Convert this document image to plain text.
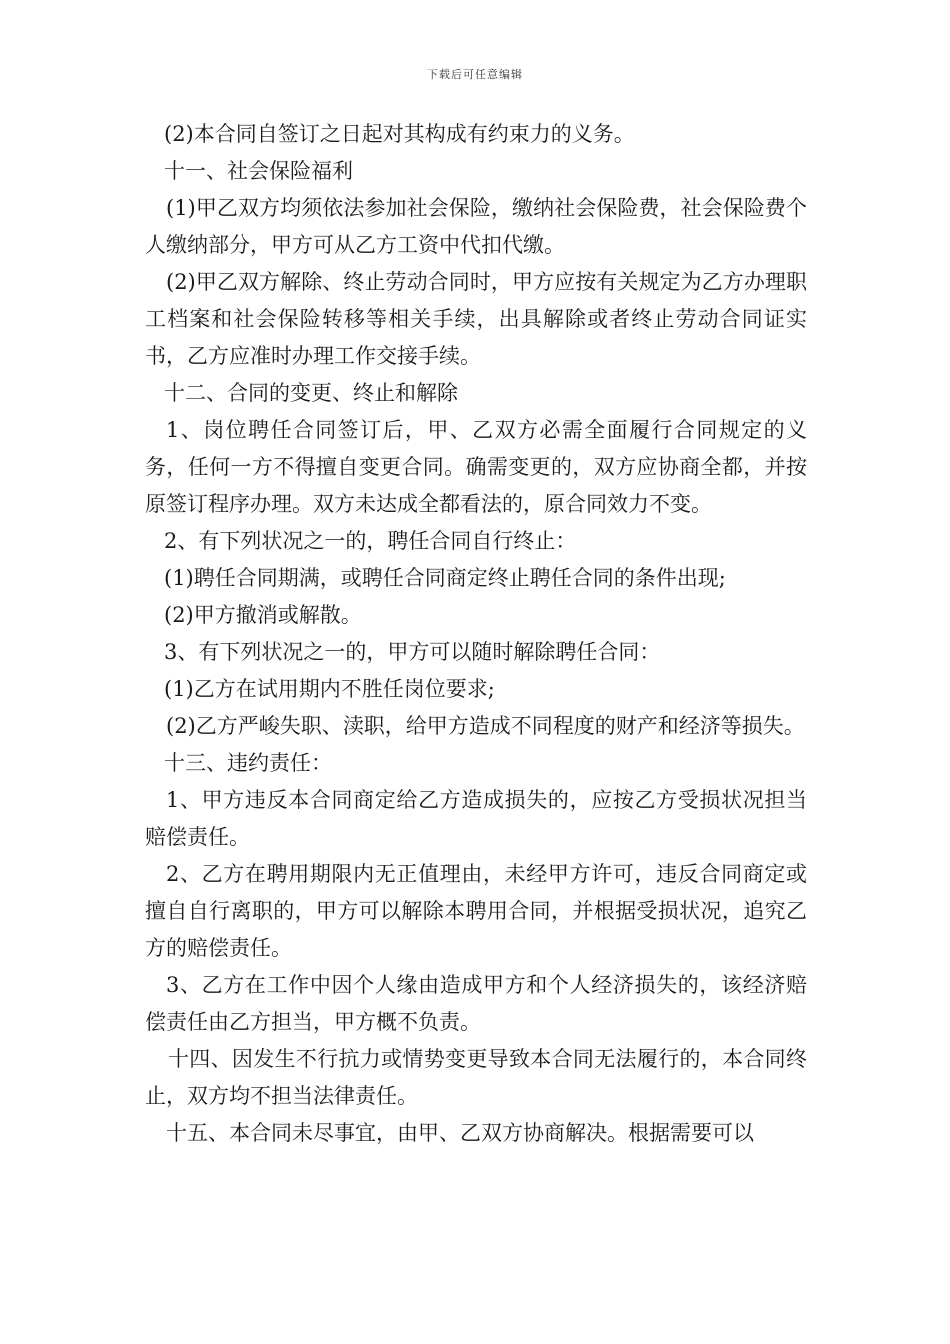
下载后可任意编辑

(2)本合同自签订之日起对其构成有约束力的义务。

十一、社会保险福利

(1)甲乙双方均须依法参加社会保险，缴纳社会保险费，社会保险费个人缴纳部分，甲方可从乙方工资中代扣代缴。

(2)甲乙双方解除、终止劳动合同时，甲方应按有关规定为乙方办理职工档案和社会保险转移等相关手续，出具解除或者终止劳动合同证实书，乙方应准时办理工作交接手续。

十二、合同的变更、终止和解除

1、岗位聘任合同签订后，甲、乙双方必需全面履行合同规定的义务，任何一方不得擅自变更合同。确需变更的，双方应协商全都，并按原签订程序办理。双方未达成全都看法的，原合同效力不变。

2、有下列状况之一的，聘任合同自行终止：

(1)聘任合同期满，或聘任合同商定终止聘任合同的条件出现;

(2)甲方撤消或解散。

3、有下列状况之一的，甲方可以随时解除聘任合同：

(1)乙方在试用期内不胜任岗位要求;

(2)乙方严峻失职、渎职，给甲方造成不同程度的财产和经济等损失。

十三、违约责任：

1、甲方违反本合同商定给乙方造成损失的，应按乙方受损状况担当赔偿责任。

2、乙方在聘用期限内无正值理由，未经甲方许可，违反合同商定或擅自自行离职的，甲方可以解除本聘用合同，并根据受损状况，追究乙方的赔偿责任。

3、乙方在工作中因个人缘由造成甲方和个人经济损失的，该经济赔偿责任由乙方担当，甲方概不负责。

十四、因发生不行抗力或情势变更导致本合同无法履行的，本合同终止，双方均不担当法律责任。

十五、本合同未尽事宜，由甲、乙双方协商解决。根据需要可以
